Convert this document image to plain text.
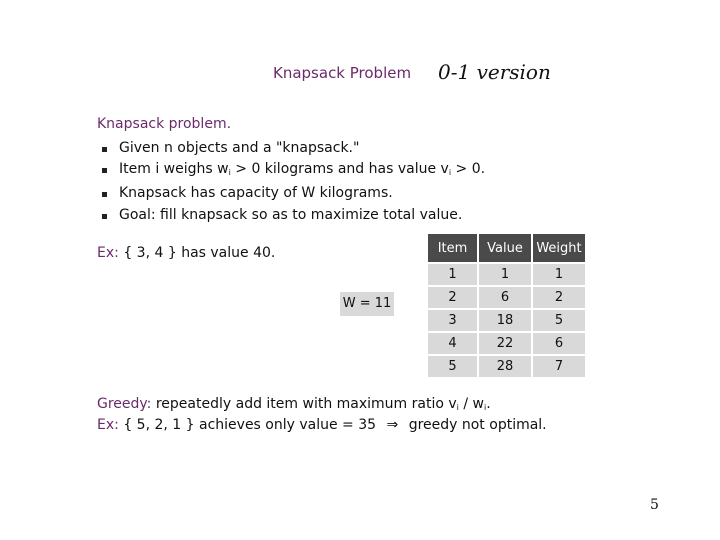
Knapsack Problem 0-1 version
Knapsack problem.
Given n objects and a "knapsack."
Item i weighs $w_i > 0$ kilograms and has value $v_i > 0$.
Knapsack has capacity of W kilograms.
Goal: fill knapsack so as to maximize total value.
Ex: { 3, 4 } has value 40.
W = 11
Item	Value	Weight
1	1	1
2	6	2
3	18	5
4	22	6
5	28	7
Greedy: repeatedly add item with maximum ratio $v_i / w_i$.
Ex: { 5, 2, 1 } achieves only value = 35 ⇒ greedy not optimal.
5
